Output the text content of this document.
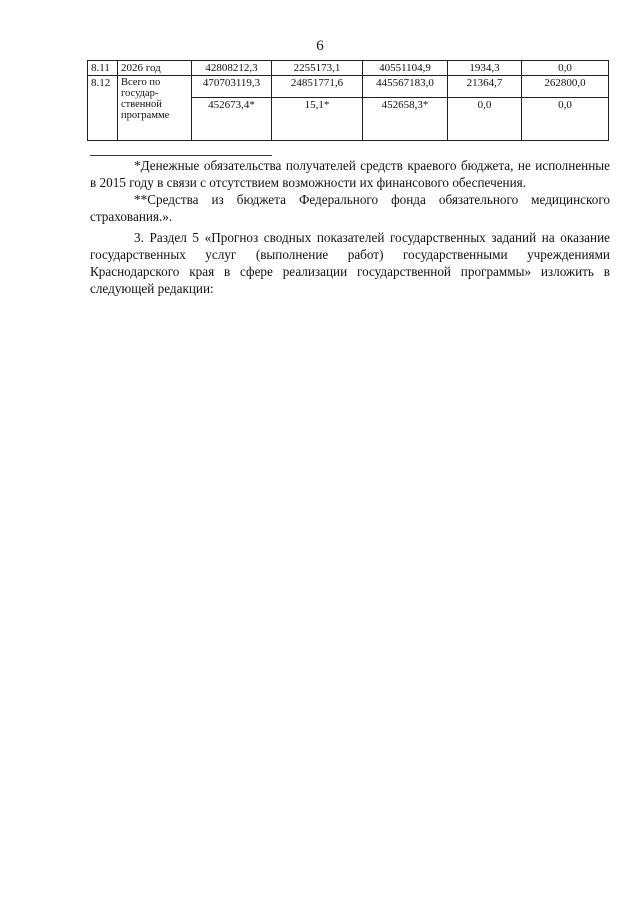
6
8.11	2026 год	42808212,3	2255173,1	40551104,9	1934,3	0,0
8.12	Всего по государ-ственной программе	470703119,3	24851771,6	445567183,0	21364,7	262800,0
		452673,4*	15,1*	452658,3*	0,0	0,0

*Денежные обязательства получателей средств краевого бюджета, не исполненные в 2015 году в связи с отсутствием возможности их финансового обеспечения.

**Средства из бюджета Федерального фонда обязательного медицинского страхования.».

3. Раздел 5 «Прогноз сводных показателей государственных заданий на оказание государственных услуг (выполнение работ) государственными учреждениями Краснодарского края в сфере реализации государственной программы» изложить в следующей редакции:
